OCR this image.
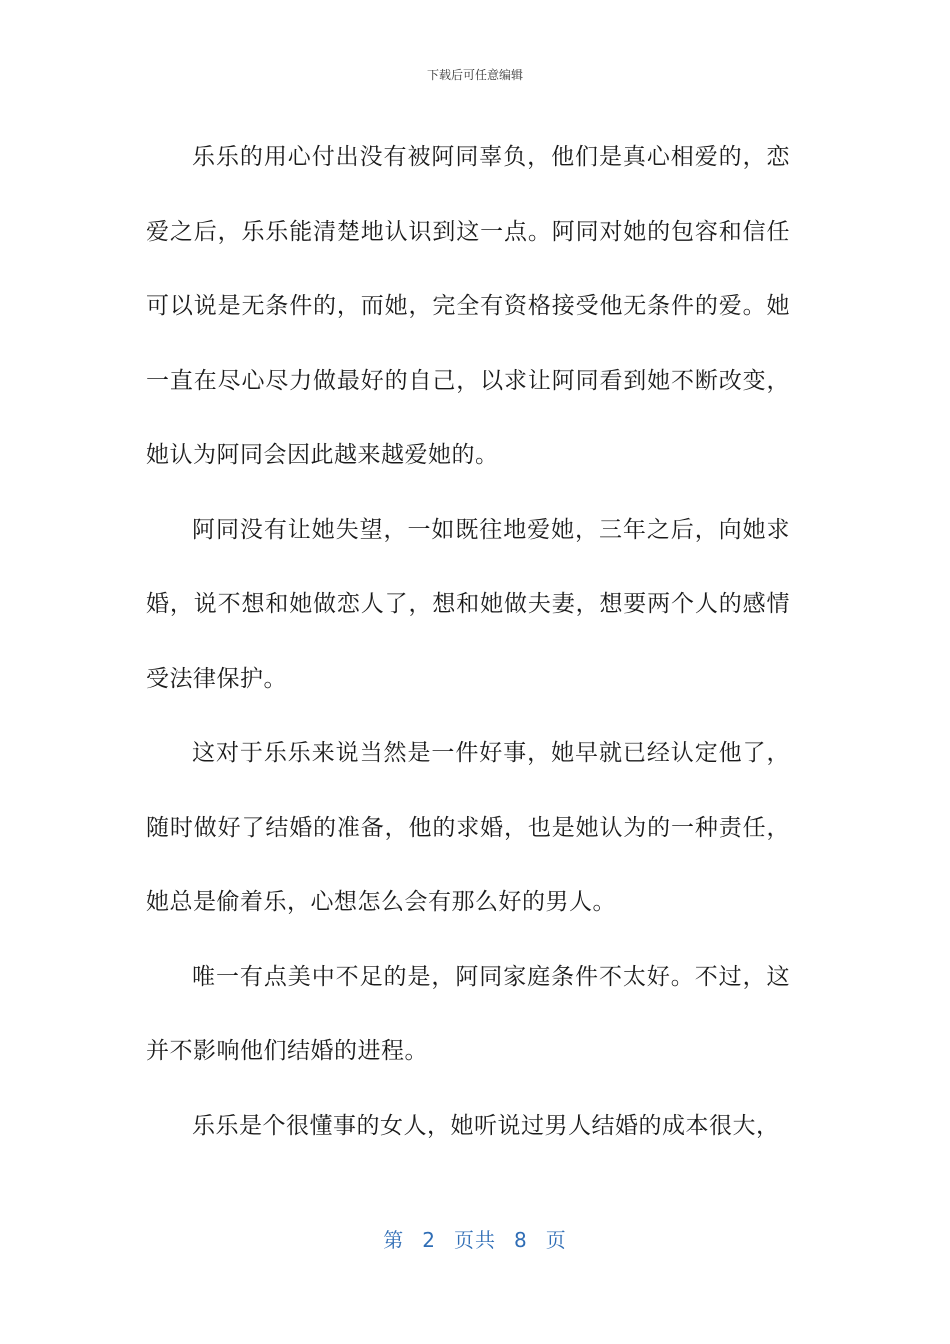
下载后可任意编辑

乐乐的用心付出没有被阿同辜负，他们是真心相爱的，恋爱之后，乐乐能清楚地认识到这一点。阿同对她的包容和信任可以说是无条件的，而她，完全有资格接受他无条件的爱。她一直在尽心尽力做最好的自己，以求让阿同看到她不断改变，她认为阿同会因此越来越爱她的。

阿同没有让她失望，一如既往地爱她，三年之后，向她求婚，说不想和她做恋人了，想和她做夫妻，想要两个人的感情受法律保护。

这对于乐乐来说当然是一件好事，她早就已经认定他了，随时做好了结婚的准备，他的求婚，也是她认为的一种责任，她总是偷着乐，心想怎么会有那么好的男人。

唯一有点美中不足的是，阿同家庭条件不太好。不过，这并不影响他们结婚的进程。

乐乐是个很懂事的女人，她听说过男人结婚的成本很大，

第 2 页共 8 页
